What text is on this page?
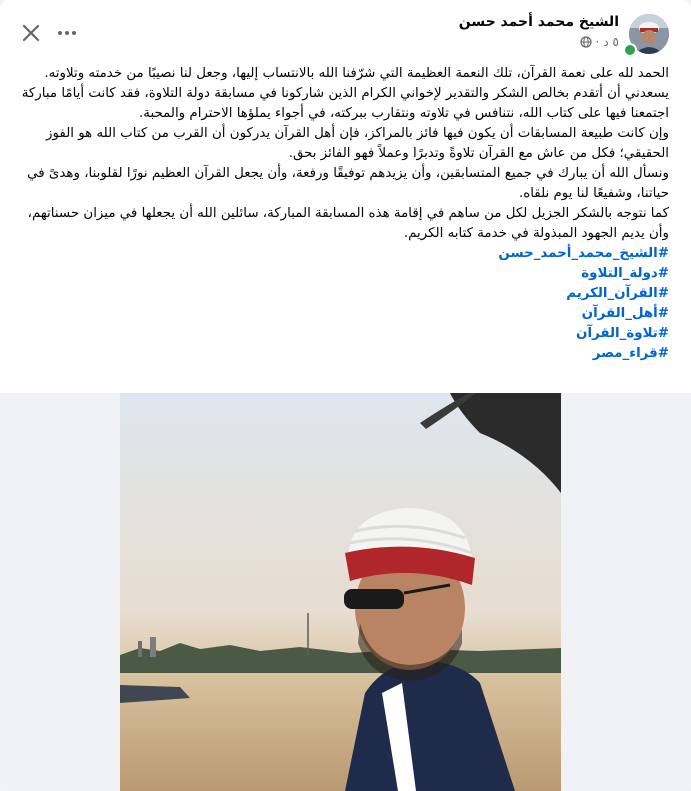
الشيخ محمد أحمد حسن
٥ د
·

الحمد لله على نعمة القرآن، تلك النعمة العظيمة التي شرّفنا الله بالانتساب إليها، وجعل لنا نصيبًا من خدمته وتلاوته.

يسعدني أن أتقدم بخالص الشكر والتقدير لإخواني الكرام الذين شاركونا في مسابقة دولة التلاوة، فقد كانت أيامًا مباركة اجتمعنا فيها على كتاب الله، نتنافس في تلاوته ونتقارب ببركته، في أجواء يملؤها الاحترام والمحبة.

وإن كانت طبيعة المسابقات أن يكون فيها فائز بالمراكز، فإن أهل القرآن يدركون أن القرب من كتاب الله هو الفوز الحقيقي؛ فكل من عاش مع القرآن تلاوةً وتدبرًا وعملاً فهو الفائز بحق.

ونسأل الله أن يبارك في جميع المتسابقين، وأن يزيدهم توفيقًا ورفعة، وأن يجعل القرآن العظيم نورًا لقلوبنا، وهدىً في حياتنا، وشفيعًا لنا يوم نلقاه.

كما نتوجه بالشكر الجزيل لكل من ساهم في إقامة هذه المسابقة المباركة، سائلين الله أن يجعلها في ميزان حسناتهم، وأن يديم الجهود المبذولة في خدمة كتابه الكريم.

#الشيخ_محمد_أحمد_حسن
#دولة_التلاوة
#القرآن_الكريم
#أهل_القرآن
#تلاوة_القرآن
#قراء_مصر
